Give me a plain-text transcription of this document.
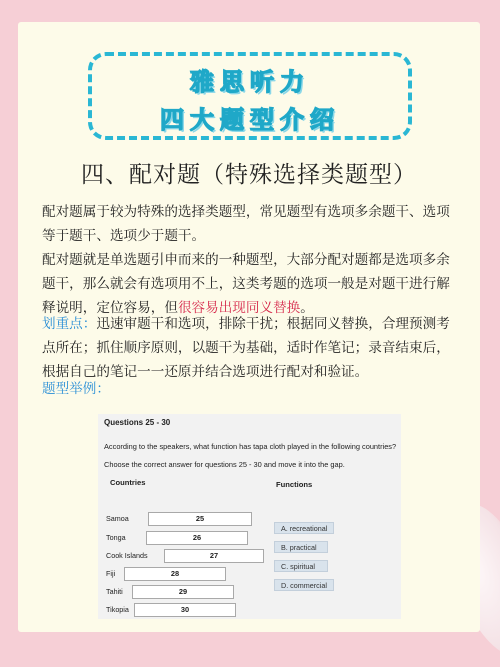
雅思听力
四大题型介绍
四、配对题（特殊选择类题型）

配对题属于较为特殊的选择类题型，常见题型有选项多余题干、选项等于题干、选项少于题干。

配对题就是单选题引申而来的一种题型，大部分配对题都是选项多余题干，那么就会有选项用不上，这类考题的选项一般是对题干进行解释说明，定位容易，但很容易出现同义替换。

划重点：迅速审题干和选项，排除干扰；根据同义替换，合理预测考点所在；抓住顺序原则，以题干为基础，适时作笔记；录音结束后，根据自己的笔记一一还原并结合选项进行配对和验证。

题型举例：

Questions 25 - 30
According to the speakers, what function has tapa cloth played in the following countries?
Choose the correct answer for questions 25 - 30 and move it into the gap.
Countries	Functions
Samoa	25
Tonga	26
Cook Islands	27
Fiji	28
Tahiti	29
Tikopia	30
A. recreational
B. practical
C. spiritual
D. commercial
